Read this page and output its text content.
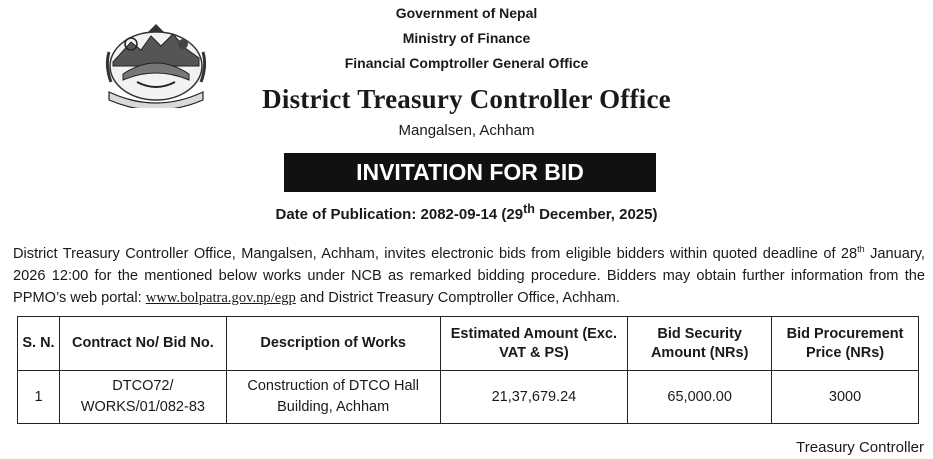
Government of Nepal
Ministry of Finance
Financial Comptroller General Office
District Treasury Controller Office
Mangalsen, Achham
INVITATION FOR BID
Date of Publication: 2082-09-14 (29th December, 2025)
District Treasury Controller Office, Mangalsen, Achham, invites electronic bids from eligible bidders within quoted deadline of 28th January, 2026 12:00 for the mentioned below works under NCB as remarked bidding procedure. Bidders may obtain further information from the PPMO’s web portal: www.bolpatra.gov.np/egp and District Treasury Comptroller Office, Achham.
S. N.	Contract No/ Bid No.	Description of Works	Estimated Amount (Exc. VAT & PS)	Bid Security Amount (NRs)	Bid Procurement Price (NRs)
1	DTCO72/ WORKS/01/082-83	Construction of DTCO Hall Building, Achham	21,37,679.24	65,000.00	3000
Treasury Controller
